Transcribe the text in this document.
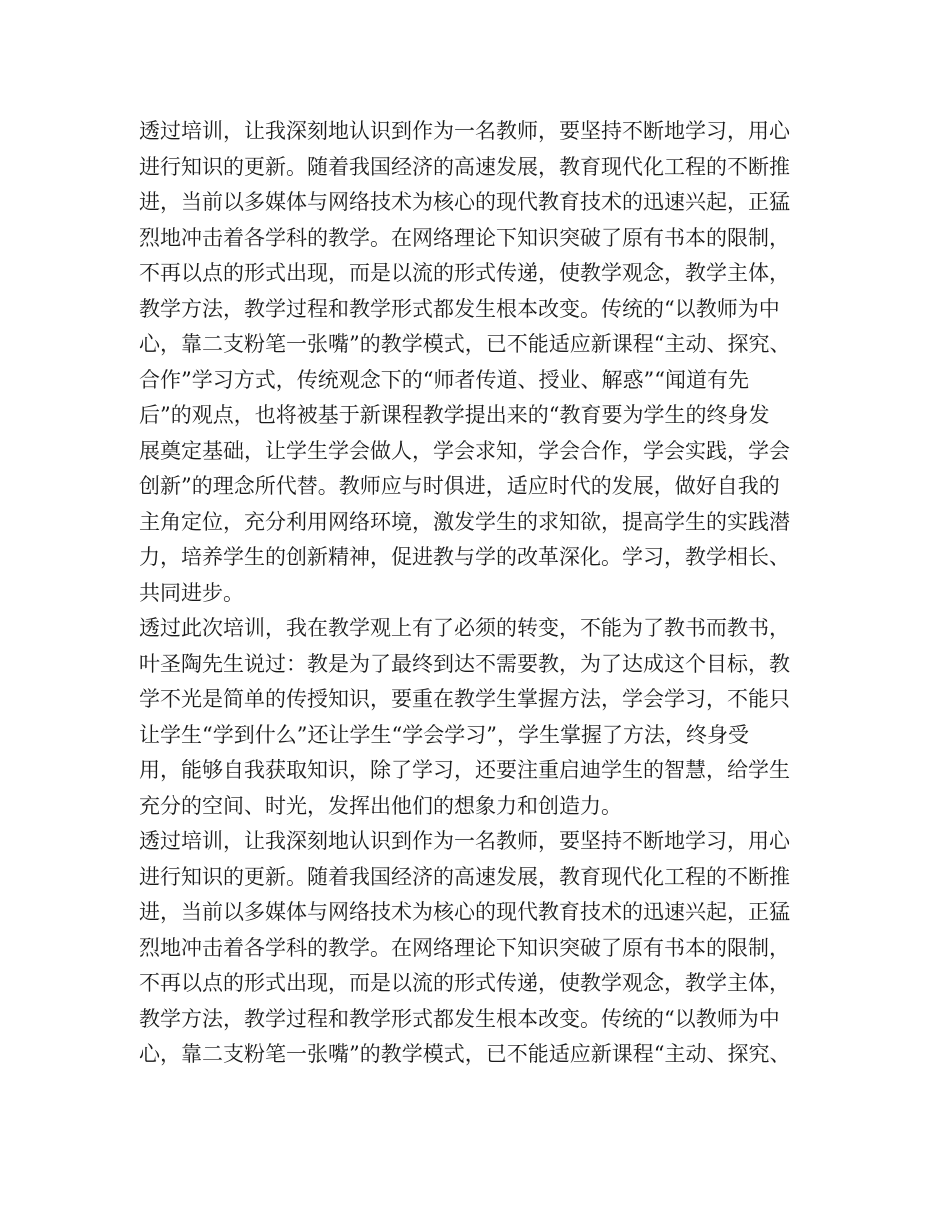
透过培训，让我深刻地认识到作为一名教师，要坚持不断地学习，用心
进行知识的更新。随着我国经济的高速发展，教育现代化工程的不断推
进，当前以多媒体与网络技术为核心的现代教育技术的迅速兴起，正猛
烈地冲击着各学科的教学。在网络理论下知识突破了原有书本的限制，
不再以点的形式出现，而是以流的形式传递，使教学观念，教学主体，
教学方法，教学过程和教学形式都发生根本改变。传统的“以教师为中
心，靠二支粉笔一张嘴”的教学模式，已不能适应新课程“主动、探究、
合作”学习方式，传统观念下的“师者传道、授业、解惑”“闻道有先
后”的观点，也将被基于新课程教学提出来的“教育要为学生的终身发
展奠定基础，让学生学会做人，学会求知，学会合作，学会实践，学会
创新”的理念所代替。教师应与时俱进，适应时代的发展，做好自我的
主角定位，充分利用网络环境，激发学生的求知欲，提高学生的实践潜
力，培养学生的创新精神，促进教与学的改革深化。学习，教学相长、
共同进步。
透过此次培训，我在教学观上有了必须的转变，不能为了教书而教书，
叶圣陶先生说过：教是为了最终到达不需要教，为了达成这个目标，教
学不光是简单的传授知识，要重在教学生掌握方法，学会学习，不能只
让学生“学到什么”还让学生“学会学习”，学生掌握了方法，终身受
用，能够自我获取知识，除了学习，还要注重启迪学生的智慧，给学生
充分的空间、时光，发挥出他们的想象力和创造力。
透过培训，让我深刻地认识到作为一名教师，要坚持不断地学习，用心
进行知识的更新。随着我国经济的高速发展，教育现代化工程的不断推
进，当前以多媒体与网络技术为核心的现代教育技术的迅速兴起，正猛
烈地冲击着各学科的教学。在网络理论下知识突破了原有书本的限制，
不再以点的形式出现，而是以流的形式传递，使教学观念，教学主体，
教学方法，教学过程和教学形式都发生根本改变。传统的“以教师为中
心，靠二支粉笔一张嘴”的教学模式，已不能适应新课程“主动、探究、
